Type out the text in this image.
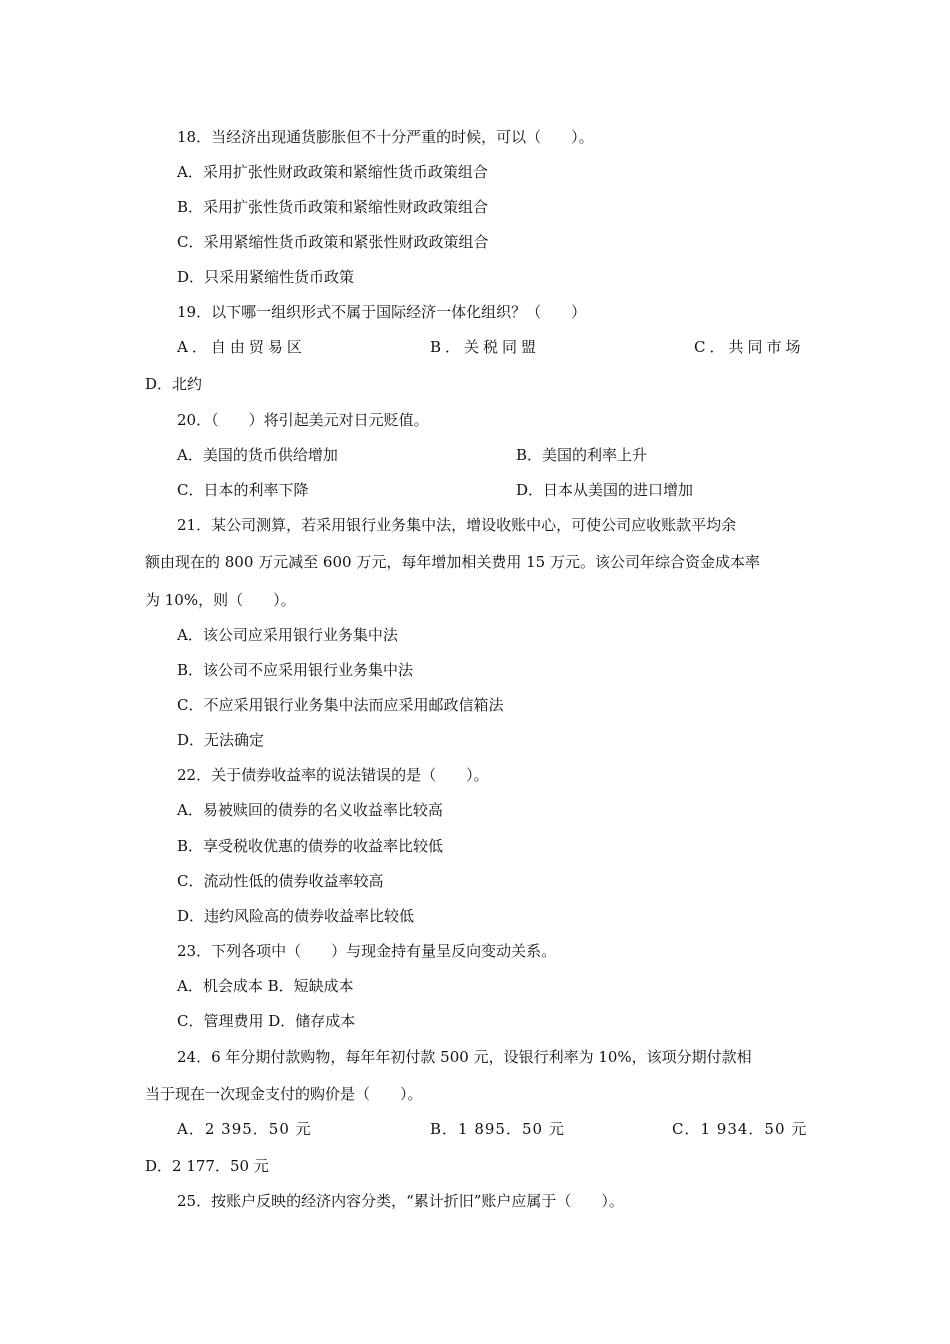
18．当经济出现通货膨胀但不十分严重的时候，可以（　　）。
A．采用扩张性财政政策和紧缩性货币政策组合
B．采用扩张性货币政策和紧缩性财政政策组合
C．采用紧缩性货币政策和紧张性财政政策组合
D．只采用紧缩性货币政策
19．以下哪一组织形式不属于国际经济一体化组织？（　　）
A．自由贸易区	B．关税同盟	C．共同市场
D．北约
20．（　　）将引起美元对日元贬值。
A．美国的货币供给增加	B．美国的利率上升
C．日本的利率下降	D．日本从美国的进口增加
21．某公司测算，若采用银行业务集中法，增设收账中心，可使公司应收账款平均余
额由现在的 800 万元减至 600 万元，每年增加相关费用 15 万元。该公司年综合资金成本率
为 10%，则（　　）。
A．该公司应采用银行业务集中法
B．该公司不应采用银行业务集中法
C．不应采用银行业务集中法而应采用邮政信箱法
D．无法确定
22．关于债券收益率的说法错误的是（　　）。
A．易被赎回的债券的名义收益率比较高
B．享受税收优惠的债券的收益率比较低
C．流动性低的债券收益率较高
D．违约风险高的债券收益率比较低
23．下列各项中（　　）与现金持有量呈反向变动关系。
A．机会成本 B．短缺成本
C．管理费用 D．储存成本
24．6 年分期付款购物，每年年初付款 500 元，设银行利率为 10%，该项分期付款相
当于现在一次现金支付的购价是（　　）。
A．2 395．50 元	B．1 895．50 元	C．1 934．50 元
D．2 177．50 元
25．按账户反映的经济内容分类，“累计折旧”账户应属于（　　）。
